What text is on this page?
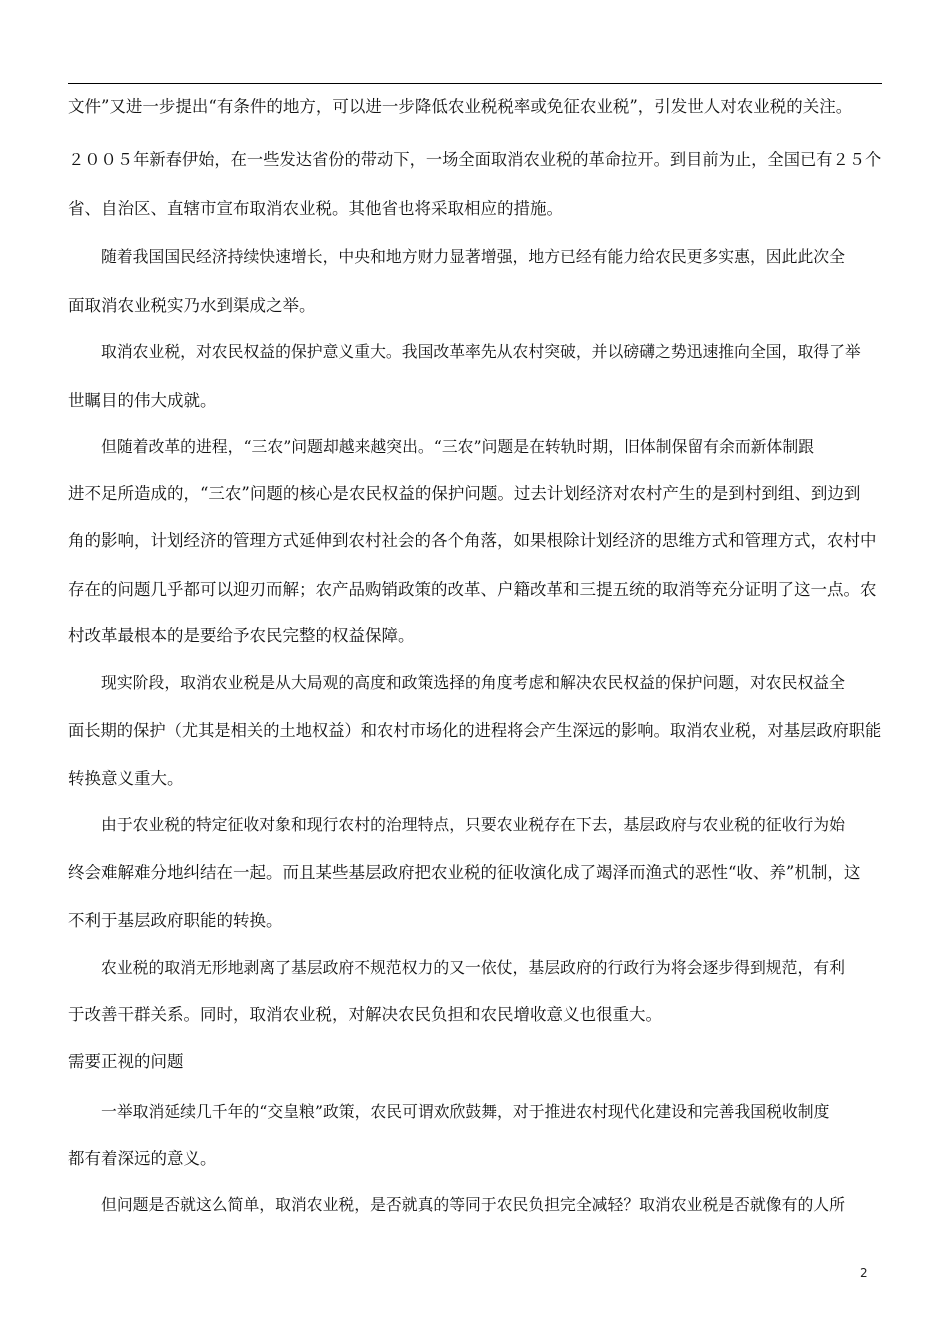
文件”又进一步提出“有条件的地方，可以进一步降低农业税税率或免征农业税”，引发世人对农业税的关注。
２００５年新春伊始，在一些发达省份的带动下，一场全面取消农业税的革命拉开。到目前为止，全国已有２５个
省、自治区、直辖市宣布取消农业税。其他省也将采取相应的措施。
随着我国国民经济持续快速增长，中央和地方财力显著增强，地方已经有能力给农民更多实惠，因此此次全
面取消农业税实乃水到渠成之举。
取消农业税，对农民权益的保护意义重大。我国改革率先从农村突破，并以磅礴之势迅速推向全国，取得了举
世瞩目的伟大成就。
但随着改革的进程，“三农”问题却越来越突出。“三农”问题是在转轨时期，旧体制保留有余而新体制跟
进不足所造成的，“三农”问题的核心是农民权益的保护问题。过去计划经济对农村产生的是到村到组、到边到
角的影响，计划经济的管理方式延伸到农村社会的各个角落，如果根除计划经济的思维方式和管理方式，农村中
存在的问题几乎都可以迎刃而解；农产品购销政策的改革、户籍改革和三提五统的取消等充分证明了这一点。农
村改革最根本的是要给予农民完整的权益保障。
现实阶段，取消农业税是从大局观的高度和政策选择的角度考虑和解决农民权益的保护问题，对农民权益全
面长期的保护（尤其是相关的土地权益）和农村市场化的进程将会产生深远的影响。取消农业税，对基层政府职能
转换意义重大。
由于农业税的特定征收对象和现行农村的治理特点，只要农业税存在下去，基层政府与农业税的征收行为始
终会难解难分地纠结在一起。而且某些基层政府把农业税的征收演化成了竭泽而渔式的恶性“收、养”机制，这
不利于基层政府职能的转换。
农业税的取消无形地剥离了基层政府不规范权力的又一依仗，基层政府的行政行为将会逐步得到规范，有利
于改善干群关系。同时，取消农业税，对解决农民负担和农民增收意义也很重大。
需要正视的问题
一举取消延续几千年的“交皇粮”政策，农民可谓欢欣鼓舞，对于推进农村现代化建设和完善我国税收制度
都有着深远的意义。
但问题是否就这么简单，取消农业税，是否就真的等同于农民负担完全减轻？取消农业税是否就像有的人所
2
